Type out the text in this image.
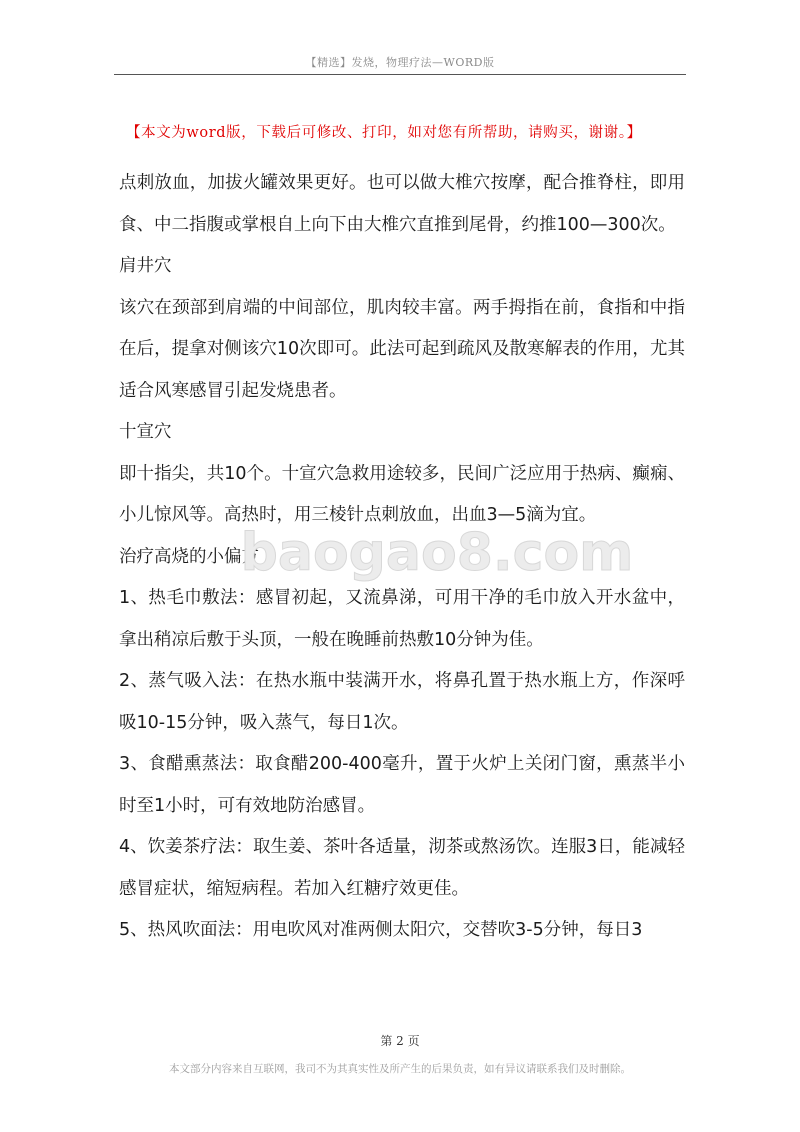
【精选】发烧，物理疗法—WORD版
【本文为word版，下载后可修改、打印，如对您有所帮助，请购买，谢谢。】

点刺放血，加拔火罐效果更好。也可以做大椎穴按摩，配合推脊柱，即用食、中二指腹或掌根自上向下由大椎穴直推到尾骨，约推100—300次。

肩井穴

该穴在颈部到肩端的中间部位，肌肉较丰富。两手拇指在前，食指和中指在后，提拿对侧该穴10次即可。此法可起到疏风及散寒解表的作用，尤其适合风寒感冒引起发烧患者。

十宣穴

即十指尖，共10个。十宣穴急救用途较多，民间广泛应用于热病、癫痫、小儿惊风等。高热时，用三棱针点刺放血，出血3—5滴为宜。

治疗高烧的小偏方

1、热毛巾敷法：感冒初起，又流鼻涕，可用干净的毛巾放入开水盆中，拿出稍凉后敷于头顶，一般在晚睡前热敷10分钟为佳。

2、蒸气吸入法：在热水瓶中装满开水，将鼻孔置于热水瓶上方，作深呼吸10-15分钟，吸入蒸气，每日1次。

3、食醋熏蒸法：取食醋200-400毫升，置于火炉上关闭门窗，熏蒸半小时至1小时，可有效地防治感冒。

4、饮姜茶疗法：取生姜、茶叶各适量，沏茶或熬汤饮。连服3日，能减轻感冒症状，缩短病程。若加入红糖疗效更佳。

5、热风吹面法：用电吹风对准两侧太阳穴，交替吹3-5分钟，每日3

baogao8.com
第 2 页
本文部分内容来自互联网，我司不为其真实性及所产生的后果负责，如有异议请联系我们及时删除。
